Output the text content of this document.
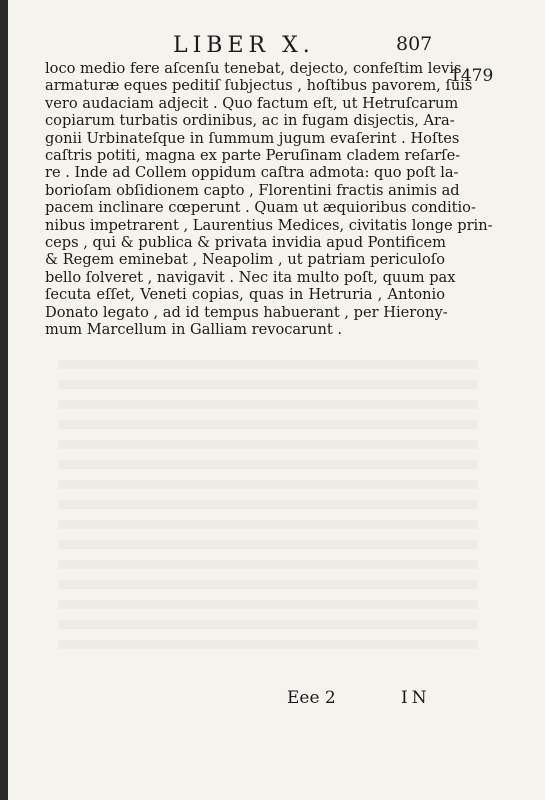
LIBER X.	807
1479
loco medio fere aſcenſu tenebat, dejecto, confeſtim levis
armaturæ eques peditiſ ſubjectus , hoſtibus pavorem, ſuis
vero audaciam adjecit . Quo factum eſt, ut Hetruſcarum
copiarum turbatis ordinibus, ac in fugam disjectis, Ara-
gonii Urbinateſque in ſummum jugum evaſerint . Hoſtes
caſtris potiti, magna ex parte Peruſinam cladem reſarſe-
re . Inde ad Collem oppidum caſtra admota: quo poſt la-
borioſam obſidionem capto , Florentini fractis animis ad
pacem inclinare cœperunt . Quam ut æquioribus conditio-
nibus impetrarent , Laurentius Medices, civitatis longe prin-
ceps , qui & publica & privata invidia apud Pontificem
& Regem eminebat , Neapolim , ut patriam periculoſo
bello ſolveret , navigavit . Nec ita multo poſt, quum pax
ſecuta eſſet, Veneti copias, quas in Hetruria , Antonio
Donato legato , ad id tempus habuerant , per Hierony-
mum Marcellum in Galliam revocarunt .
Eee 2	IN
